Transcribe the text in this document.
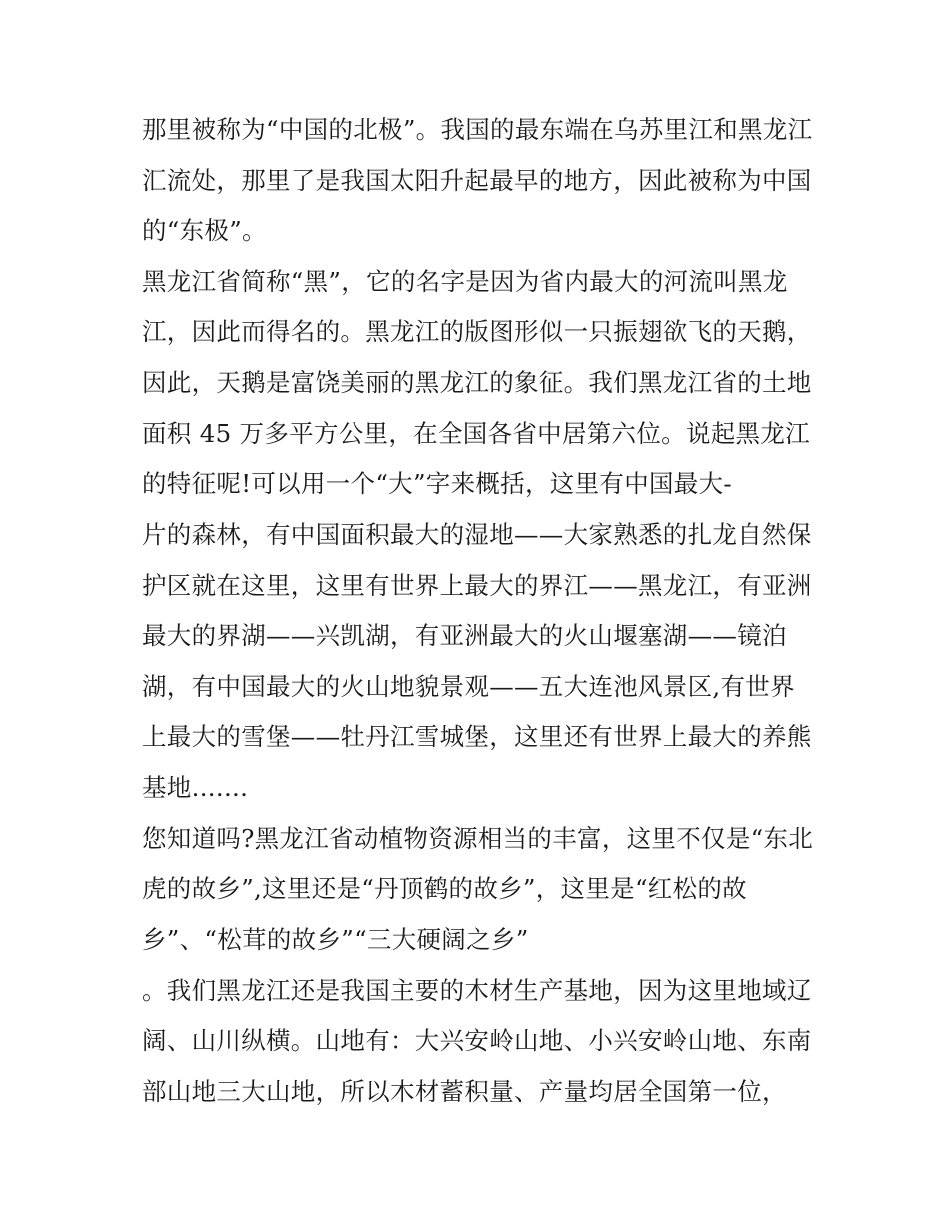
那里被称为“中国的北极”。我国的最东端在乌苏里江和黑龙江
汇流处，那里了是我国太阳升起最早的地方，因此被称为中国
的“东极”。
黑龙江省简称“黑”，它的名字是因为省内最大的河流叫黑龙
江，因此而得名的。黑龙江的版图形似一只振翅欲飞的天鹅，
因此，天鹅是富饶美丽的黑龙江的象征。我们黑龙江省的土地
面积 45 万多平方公里，在全国各省中居第六位。说起黑龙江
的特征呢!可以用一个“大”字来概括，这里有中国最大-
片的森林，有中国面积最大的湿地——大家熟悉的扎龙自然保
护区就在这里，这里有世界上最大的界江——黑龙江，有亚洲
最大的界湖——兴凯湖，有亚洲最大的火山堰塞湖——镜泊
湖，有中国最大的火山地貌景观——五大连池风景区,有世界
上最大的雪堡——牡丹江雪城堡，这里还有世界上最大的养熊
基地.......
您知道吗?黑龙江省动植物资源相当的丰富，这里不仅是“东北
虎的故乡”,这里还是“丹顶鹤的故乡”，这里是“红松的故
乡”、“松茸的故乡”“三大硬阔之乡”
。我们黑龙江还是我国主要的木材生产基地，因为这里地域辽
阔、山川纵横。山地有：大兴安岭山地、小兴安岭山地、东南
部山地三大山地，所以木材蓄积量、产量均居全国第一位，
